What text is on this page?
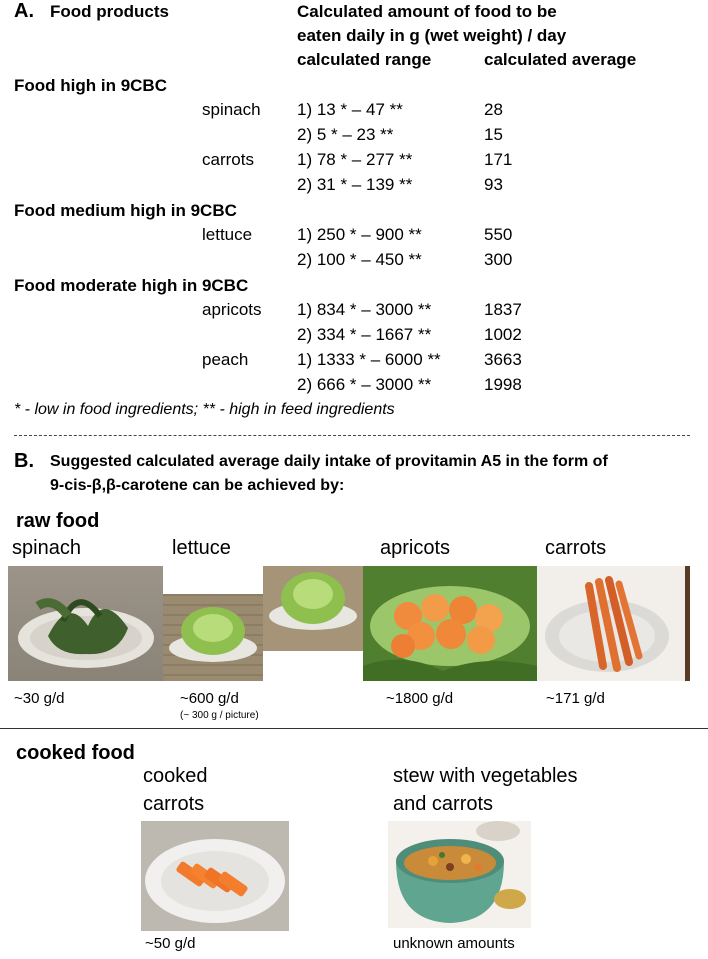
A. Food products	Calculated amount of food to be
eaten daily in g (wet weight) / day
calculated range	calculated average
Food high in 9CBC
spinach 1) 13 * – 47 **	28
2) 5 * – 23 **	15
carrots	1) 78 * – 277 **	171
2) 31 * – 139 **	93
Food medium high in 9CBC
lettuce	1) 250 * – 900 **	550
2) 100 * – 450 **	300
Food moderate high in 9CBC
apricots 1) 834 * – 3000 **	1837
2) 334 * – 1667 **	1002
peach	1) 1333 * – 6000 **	3663
2) 666 * – 3000 **	1998
* - low in food ingredients; ** - high in feed ingredients
B. Suggested calculated average daily intake of provitamin A5 in the form of
9-cis-β,β-carotene can be achieved by:
raw food
spinach	lettuce	apricots	carrots
~30 g/d	~600 g/d
(~ 300 g / picture)
~1800 g/d	~171 g/d
cooked food
cooked
carrots
stew with vegetables
and carrots
~50 g/d	unknown amounts
